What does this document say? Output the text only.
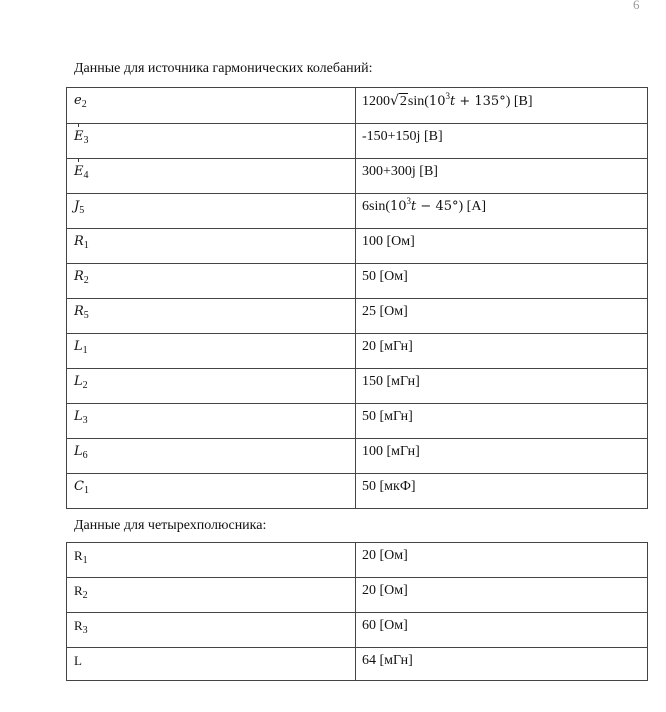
6
Данные для источника гармонических колебаний:
$e_2$	$1200√2\sin(10^3t + 135^\circ)$ [В]

' $E_3$	-150+150j [В]

' $E_4$	300+300j [В]

$J_5$	$6\sin(10^3t - 45^\circ)$ [А]

$R_1$	100 [Ом]

$R_2$	50 [Ом]

$R_5$	25 [Ом]

$L_1$	20 [мГн]

$L_2$	150 [мГн]

$L_3$	50 [мГн]

$L_6$	100 [мГн]

$C_1$	50 [мкФ]
Данные для четырехполюсника:
$R_1$	20 [Ом]

$R_2$	20 [Ом]

$R_3$	60 [Ом]

L	64 [мГн]
